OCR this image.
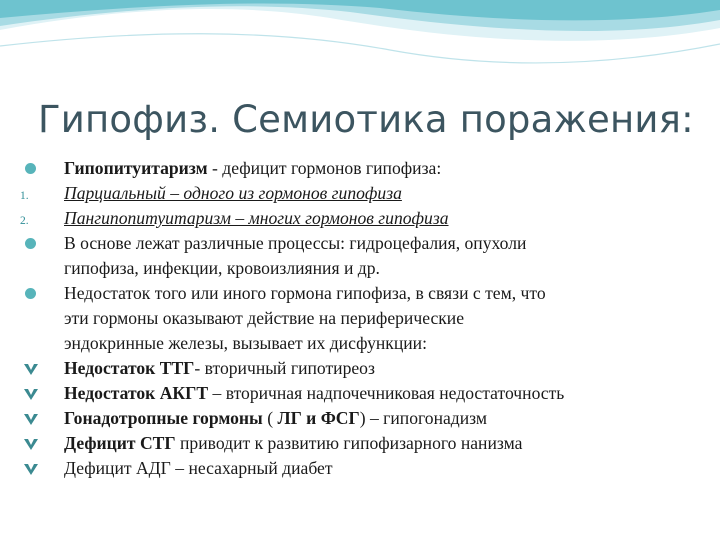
Гипофиз. Семиотика поражения:
Гипопитуитаризм - дефицит гормонов гипофиза:
1. Парциальный – одного из гормонов гипофиза
2. Пангипопитуитаризм – многих гормонов гипофиза
В основе лежат различные процессы: гидроцефалия, опухоли
гипофиза, инфекции, кровоизлияния и др.
Недостаток того или иного гормона гипофиза, в связи с тем, что
эти гормоны оказывают действие на периферические
эндокринные железы, вызывает их дисфункции:
Недостаток ТТГ- вторичный гипотиреоз
Недостаток АКГТ – вторичная надпочечниковая недостаточность
Гонадотропные гормоны ( ЛГ и ФСГ) – гипогонадизм
Дефицит СТГ приводит к развитию гипофизарного нанизма
Дефицит АДГ – несахарный диабет
